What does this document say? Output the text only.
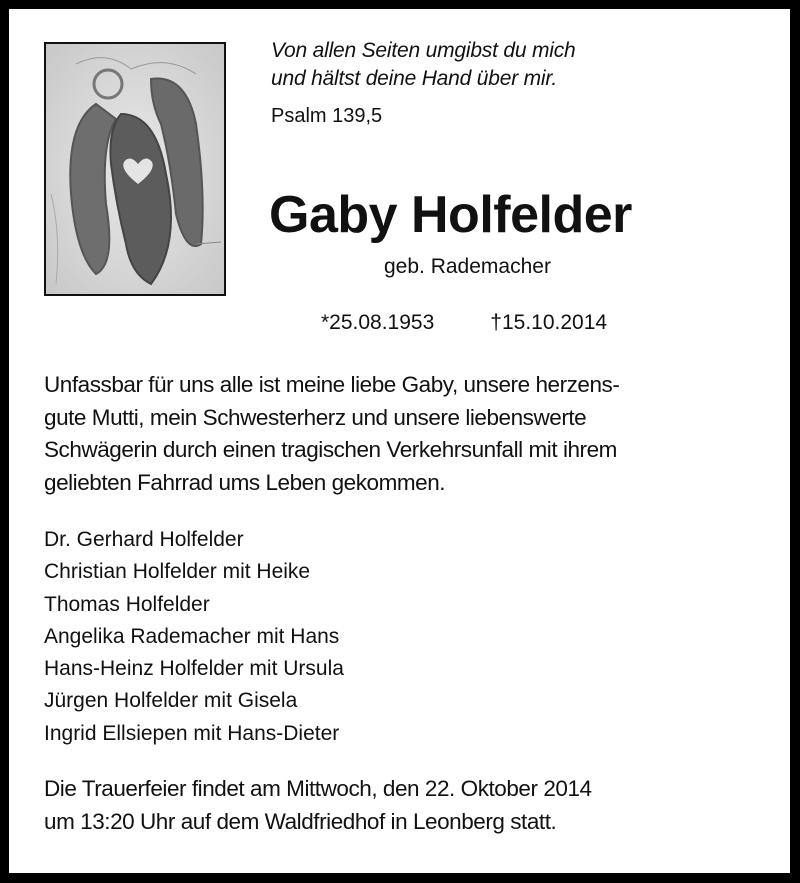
Von allen Seiten umgibst du mich
und hältst deine Hand über mir.
Psalm 139,5
Gaby Holfelder
geb. Rademacher
*25.08.1953	†15.10.2014
Unfassbar für uns alle ist meine liebe Gaby, unsere herzens-
gute Mutti, mein Schwesterherz und unsere liebenswerte
Schwägerin durch einen tragischen Verkehrsunfall mit ihrem
geliebten Fahrrad ums Leben gekommen.
Dr. Gerhard Holfelder
Christian Holfelder mit Heike
Thomas Holfelder
Angelika Rademacher mit Hans
Hans-Heinz Holfelder mit Ursula
Jürgen Holfelder mit Gisela
Ingrid Ellsiepen mit Hans-Dieter
Die Trauerfeier findet am Mittwoch, den 22. Oktober 2014
um 13:20 Uhr auf dem Waldfriedhof in Leonberg statt.
